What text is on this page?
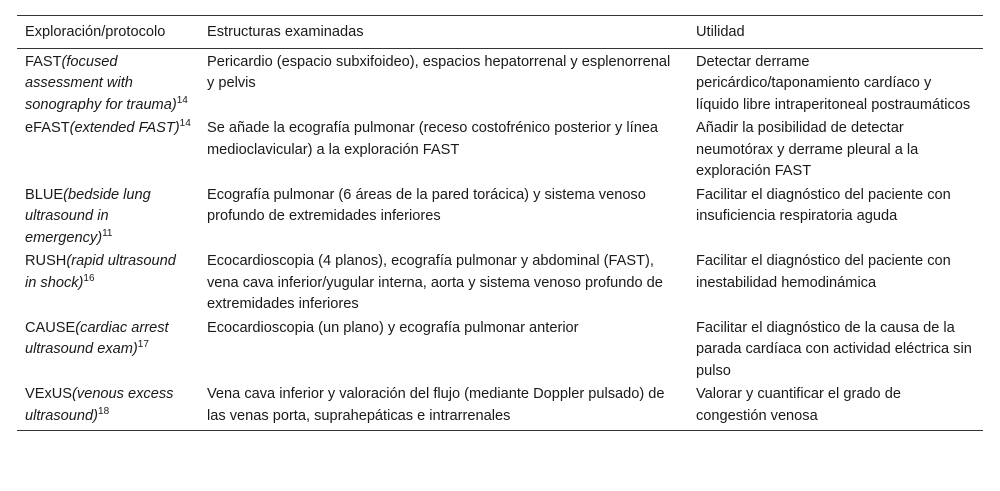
Exploración/protocolo	Estructuras examinadas	Utilidad
FAST(focused assessment with sonography for trauma)$^{14}$	Pericardio (espacio subxifoideo), espacios hepatorrenal y esplenorrenal y pelvis	Detectar derrame pericárdico/taponamiento cardíaco y líquido libre intraperitoneal postraumáticos
eFAST(extended FAST)$^{14}$	Se añade la ecografía pulmonar (receso costofrénico posterior y línea medioclavicular) a la exploración FAST	Añadir la posibilidad de detectar neumotórax y derrame pleural a la exploración FAST
BLUE(bedside lung ultrasound in emergency)$^{11}$	Ecografía pulmonar (6 áreas de la pared torácica) y sistema venoso profundo de extremidades inferiores	Facilitar el diagnóstico del paciente con insuficiencia respiratoria aguda
RUSH(rapid ultrasound in shock)$^{16}$	Ecocardioscopia (4 planos), ecografía pulmonar y abdominal (FAST), vena cava inferior/yugular interna, aorta y sistema venoso profundo de extremidades inferiores	Facilitar el diagnóstico del paciente con inestabilidad hemodinámica
CAUSE(cardiac arrest ultrasound exam)$^{17}$	Ecocardioscopia (un plano) y ecografía pulmonar anterior	Facilitar el diagnóstico de la causa de la parada cardíaca con actividad eléctrica sin pulso
VExUS(venous excess ultrasound)$^{18}$	Vena cava inferior y valoración del flujo (mediante Doppler pulsado) de las venas porta, suprahepáticas e intrarrenales	Valorar y cuantificar el grado de congestión venosa
